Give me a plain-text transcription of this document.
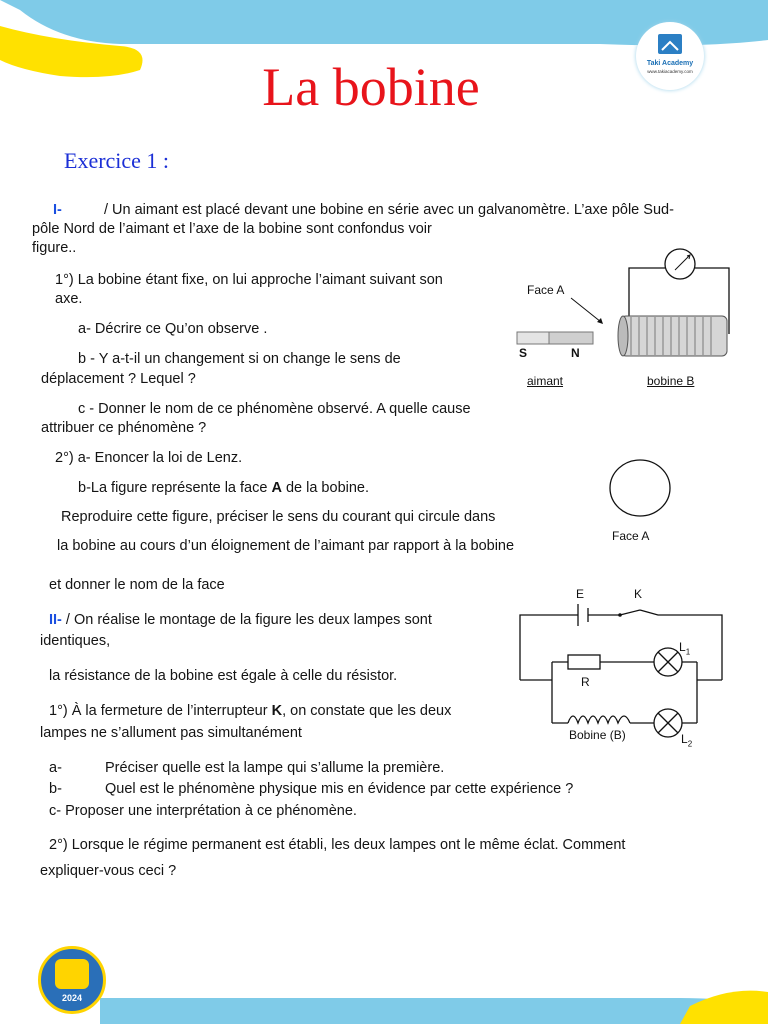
Taki Academy
www.takiacademy.com
La bobine
Exercice 1 :
I-	/ Un aimant est placé devant une bobine en série avec un galvanomètre. L’axe pôle Sud-
pôle Nord de l’aimant et l’axe de la bobine sont confondus voir
figure..
1°) La bobine étant fixe, on lui approche l’aimant suivant son
axe.
a- Décrire ce Qu’on observe .
b - Y a-t-il un changement si on change le sens de
déplacement ? Lequel ?
c - Donner le nom de ce phénomène observé. A quelle cause
attribuer ce phénomène ?
2°) a- Enoncer la loi de Lenz.
b-La figure représente la face A de la bobine.
Reproduire cette figure, préciser le sens du courant qui circule dans
la bobine au cours d’un éloignement de l’aimant par rapport à la bobine
et donner le nom de la face
Face A
S	N
aimant	bobine B
Face A
II- / On réalise le montage de la figure les deux lampes sont
identiques,
la résistance de la bobine est égale à celle du résistor.
1°) À la fermeture de l’interrupteur K, on constate que les deux
lampes ne s’allument pas simultanément
a-	Préciser quelle est la lampe qui s’allume la première.
b-	Quel est le phénomène physique mis en évidence par cette expérience ?
c- Proposer une interprétation à ce phénomène.
2°) Lorsque le régime permanent est établi, les deux lampes ont le même éclat. Comment
expliquer-vous ceci ?
E	K
R
$L_1$
$L_2$
Bobine (B)
2024
